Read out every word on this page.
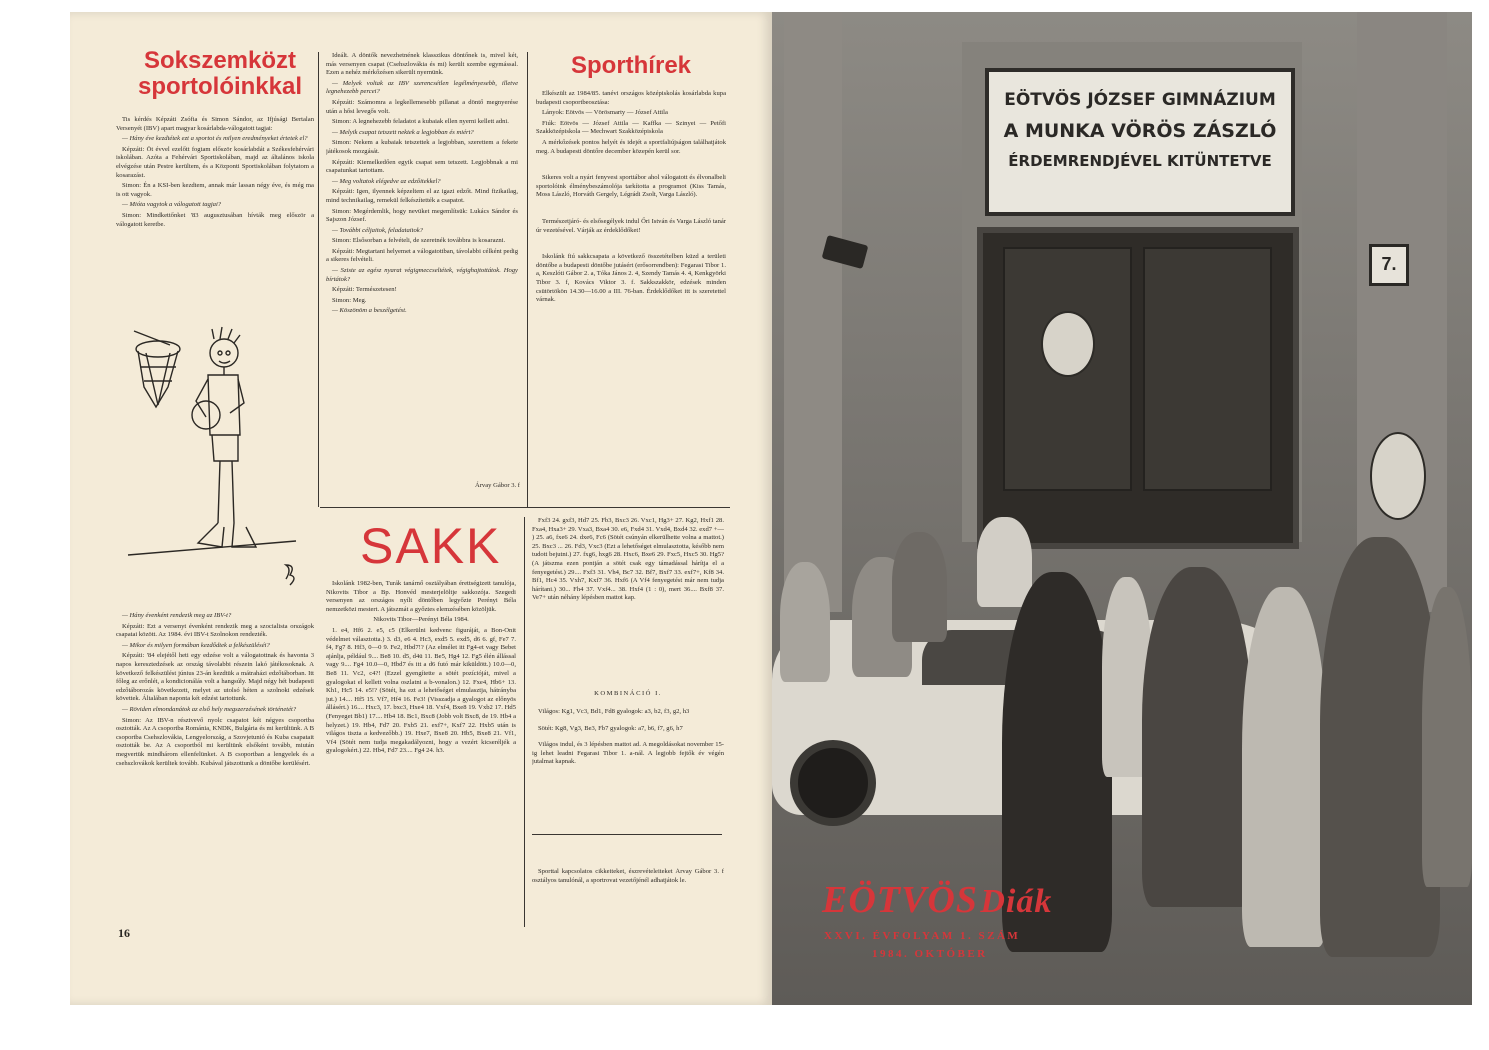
Sokszemközt
sportolóinkkal

Tis kérdés Képzáti Zsófia és Simon Sándor, az Ifjúsági Bertalan Versenyét (IBV) apart magyar kosárlabda-válogatott tagjai:

— Hány éve kezdtétek ezt a sportot és milyen eredményeket értetek el?

Képzáti: Öt évvel ezelőtt fogtam először kosárlabdát a Székesfehérvári iskolában. Azóta a Fehérvári Sportiskolában, majd az általános iskola elvégzése után Pestre kerültem, és a Központi Sportiskolában folytatom a kosarazást.

Simon: Én a KSI-ben kezdtem, annak már lassan négy éve, és még ma is ott vagyok.

— Mióta vagytok a válogatott tagjai?

Simon: Mindkettőnket '83 augusztusában hívták meg először a válogatott keretbe.

— Hány évenként rendezik meg az IBV-t?

Képzáti: Ezt a versenyt évenként rendezik meg a szocialista országok csapatai között. Az 1984. évi IBV-t Szolnokon rendezték.

— Mikor és milyen formában kezdődtek a felkészüléséi?

Képzáti: '84 elejétől heti egy edzése volt a válogatottnak és havonta 3 napos keresztedzések az ország távolabbi részein lakó játékosoknak. A következő felkészülést június 23-án kezdtük a mátraházi edzőtáborban. Itt főleg az erőnlét, a kondicionálás volt a hangsúly. Majd négy hét budapesti edzőtáborozás következett, melyet az utolsó héten a szolnoki edzések követtek. Általában naponta két edzést tartottunk.

— Röviden elmondanátok az első hely megszerzésének történetét?

Simon: Az IBV-n résztvevő nyolc csapatot két négyes csoportba osztották. Az A csoportba Románia, KNDK, Bulgária és mi kerültünk. A B csoportba Csehszlovákia, Lengyelország, a Szovjetunió és Kuba csapatait osztották be. Az A csoportból mi kerültünk elsőként tovább, miután megvertük mindhárom ellenfelünket. A B csoportban a lengyelek és a csehszlovákok kerültek tovább. Kubával játszottunk a döntőbe kerülésért.

16

Ideált. A döntők nevezhetnének klasszikus döntőnek is, mivel két, más versenyen csapat (Csehszlovákia és mi) került szembe egymással. Ezen a nehéz mérkőzésen sikerült nyernünk.

— Melyek voltak az IBV szerencsétlen legélményesebb, illetve legnehezebb percei?

Képzáti: Számomra a legkellemesebb pillanat a döntő megnyerése után a hősi levegős volt.

Simon: A legnehezebb feladatot a kubaiak ellen nyerni kellett adni.

— Melyik csapat tetszett nektek a legjobban és miért?

Simon: Nekem a kubaiak tetszettek a legjobban, szerettem a fekete játékosok mozgását.

Képzáti: Kiemelkedően egyik csapat sem tetszett. Legjobbnak a mi csapatunkat tartottam.

— Meg voltatok elégedve az edzőitekkel?

Képzáti: Igen, ilyennek képzeltem el az igazi edzőt. Mind fizikailag, mind technikailag, remekül felkészítették a csapatot.

Simon: Megérdemlik, hogy nevüket megemlítsük: Lukács Sándor és Sajszon József.

— További céljaitok, feladataitok?

Simon: Elsősorban a felvételi, de szeretnék továbbra is kosarazni.

Képzáti: Megtartani helyemet a válogatottban, távolabbi célként pedig a sikeres felvételi.

— Sziste az egész nyarat végigmeccseltétek, végighajtottátok. Hogy bírtátok?

Képzáti: Természetesen!

Simon: Meg.

— Köszönöm a beszélgetést.

Árvay Gábor 3. f
Sporthírek

Elkészült az 1984/85. tanévi országos középiskolás kosárlabda kupa budapesti csoportbeosztása:

Lányok: Eötvös — Vörösmarty — József Attila

Fiúk: Eötvös — József Attila — Kaffka — Szinyei — Petőfi Szakközépiskola — Mechwart Szakközépiskola

A mérkőzések pontos helyét és idejét a sportfaliújságon találhatjátok meg. A budapesti döntőre december közepén kerül sor.

Sikeres volt a nyári fenyvesi sporttábor ahol válogatott és élvonalbeli sportolóink élménybeszámolója tarkította a programot (Kiss Tamás, Moss László, Horváth Gergely, Légrádi Zsolt, Varga László).

Természetjáró- és elsősegélyek indul Őri István és Varga László tanár úr vezetésével. Várják az érdeklődőket!

Iskolánk fiú sakkcsapata a következő összetételben küzd a területi döntőbe a budapesti döntőbe jutásért (erősorrendben): Fegarasi Tibor 1. a, Keszlóti Gábor 2. a, Tóka János 2. 4, Szendy Tamás 4. 4, Kenkgyörki Tibor 3. f, Kovács Viktor 3. f. Sakkszakkör, edzések minden csütörtökön 14.30—16.00 a III. 76-ban. Érdeklődőket itt is szeretettel várnak.

SAKK

Iskolánk 1982-ben, Turák tanárnő osztályában érettségizett tanulója, Nikovits Tibor a Bp. Honvéd mesterjelöltje sakkozója. Szegedi versenyen az országos nyílt döntőben legyőzte Perényi Béla nemzetközi mestert. A játszmát a győztes elemzésében közöljük.

Nikovits Tibor—Perényi Béla 1984.

1. e4, Hf6 2. e5, c5 (Elkerülni kedvenc figuráját, a Bon-Onit védelmet választotta.) 3. d3, e6 4. Hc3, exd5 5. exd5, d6 6. gf, Fe7 7. f4, Fg7 8. Hf3, 0—0 9. Fe2, Hbd7!? (Az elmélet itt Fg4-et vagy Bebet ajánlja, például 9.... Be8 10. d5, d4ü 11. Be5, Hg4 12. Fg5 élén állással vagy 9.... Fg4 10.0—0, Hbd7 és itt a d6 futó már kiküldött.) 10.0—0, Be8 11. Vc2, c4?! (Ezzel gyengítette a sötét pozícióját, mivel a gyalogokat el kellett volna oszlatni a b-vonalon.) 12. Fxe4, Hb6+ 13. Kh1, Hc5 14. e5!? (Sötét, ha ezt a lehetőséget elmulasztja, hátrányba jut.) 14.... Hf5 15. Vf7, Hf4 16. Fe3! (Visszadja a gyalogot az előnyös állásért.) 16.... Hxc3, 17. bxc3, Hxe4 18. Vxf4, Bxe8 19. Vxb2 17. Hd5 (Fenyeget Bb1) 17.... Hb4 18. Bc1, Bxc8 (Jobb volt Bxc8, de 19. Hb4 a helyzet.) 19. Hb4, Fd7 20. Fxb5 21. exf7+, Kxf7 22. Hxb5 után is világos tiszta a kedvezőbb.) 19. Hxe7, Bxe8 20. Hb5, Bxe8 21. Vf1, Vf4 (Sötét nem tudja megakadályozni, hogy a vezért kicseréljék a gyalogokért.) 22. Hb4, Fd7 23.... Fg4 24. h3.

Fxf3 24. gxf3, Hd7 25. Fb3, Bxc3 26. Vxc1, Hg3+ 27. Kg2, Hxf1 28. Fxa4, Hxa3+ 29. Vxa3, Bxa4 30. e6, Fxd4 31. Vxd4, Bxd4 32. exd7 +— ) 25. a6, fxe6 24. dxe6, Fc6 (Sötét csúnyán elkerülhette volna a mattot.) 25. Bxc3 ... 26. Fd3, Vxc3 (Ezt a lehetőséget elmulasztotta, később nem tudott bejutni.) 27. fxg6, hxg6 28. Hxc6, Bxe6 29. Fxc5, Hxc5 30. Hg5? (A játszma ezen pontján a sötét csak egy támadással hárítja el a fenyegetést.) 29.... Fxf3 31. Vh4, Bc7 32. Bf7, Bxf7 33. exf7+, Kf8 34. Bf1, Hc4 35. Vxh7, Kxf7 36. Hxf6 (A Vf4 fenyegetést már nem tudja hárítani.) 30... Fh4 37. Vxf4... 38. Hxf4 (1 : 0), mert 36.... Bxf8 37. Ve7+ után néhány lépésben mattot kap.

KOMBINÁCIÓ I.

Világos: Kg1, Vc3, Bd1, Fd8 gyalogok: a3, b2, f3, g2, h3

Sötét: Kg8, Vg3, Be3, Fb7 gyalogok: a7, b6, f7, g6, h7

Világos indul, és 3 lépésben mattot ad. A megoldásokat november 15-ig lehet leadni Fegarasi Tibor 1. a-nál. A legjobb fejtők év végén jutalmat kapnak.

Sporttal kapcsolatos cikkeiteket, észrevételeiteket Árvay Gábor 3. f osztályos tanulónál, a sportrovat vezetőjénél adhatjátok le.

EÖTVÖS JÓZSEF GIMNÁZIUM
A MUNKA VÖRÖS ZÁSZLÓ
ÉRDEMRENDJÉVEL KITÜNTETVE
7.
EÖTVÖS Diák
XXVI. ÉVFOLYAM 1. SZÁM
1984. OKTÓBER
